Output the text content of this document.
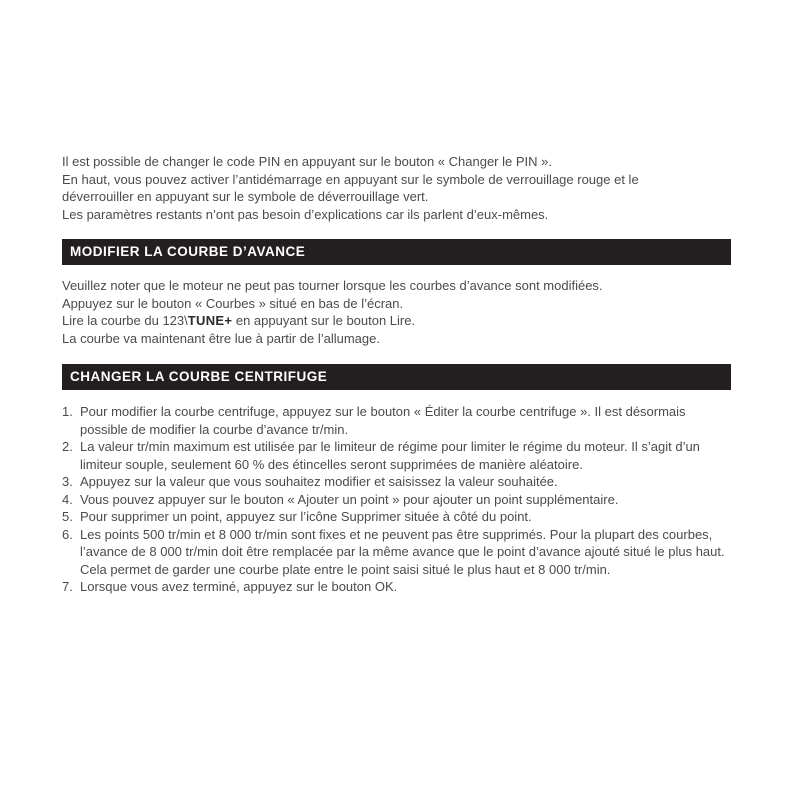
Il est possible de changer le code PIN en appuyant sur le bouton « Changer le PIN ».
En haut, vous pouvez activer l’antidémarrage en appuyant sur le symbole de verrouillage rouge et le
déverrouiller en appuyant sur le symbole de déverrouillage vert.
Les paramètres restants n’ont pas besoin d’explications car ils parlent d’eux-mêmes.
MODIFIER LA COURBE D’AVANCE
Veuillez noter que le moteur ne peut pas tourner lorsque les courbes d’avance sont modifiées.
Appuyez sur le bouton « Courbes » situé en bas de l’écran.
Lire la courbe du 123\TUNE+ en appuyant sur le bouton Lire.
La courbe va maintenant être lue à partir de l’allumage.
CHANGER LA COURBE CENTRIFUGE
1. Pour modifier la courbe centrifuge, appuyez sur le bouton « Éditer la courbe centrifuge ». Il est désormais
possible de modifier la courbe d’avance tr/min.
2. La valeur tr/min maximum est utilisée par le limiteur de régime pour limiter le régime du moteur. Il s’agit d’un
limiteur souple, seulement 60 % des étincelles seront supprimées de manière aléatoire.
3. Appuyez sur la valeur que vous souhaitez modifier et saisissez la valeur souhaitée.
4. Vous pouvez appuyer sur le bouton « Ajouter un point » pour ajouter un point supplémentaire.
5. Pour supprimer un point, appuyez sur l’icône Supprimer située à côté du point.
6. Les points 500 tr/min et 8 000 tr/min sont fixes et ne peuvent pas être supprimés. Pour la plupart des courbes,
l’avance de 8 000 tr/min doit être remplacée par la même avance que le point d’avance ajouté situé le plus haut.
Cela permet de garder une courbe plate entre le point saisi situé le plus haut et 8 000 tr/min.
7. Lorsque vous avez terminé, appuyez sur le bouton OK.
